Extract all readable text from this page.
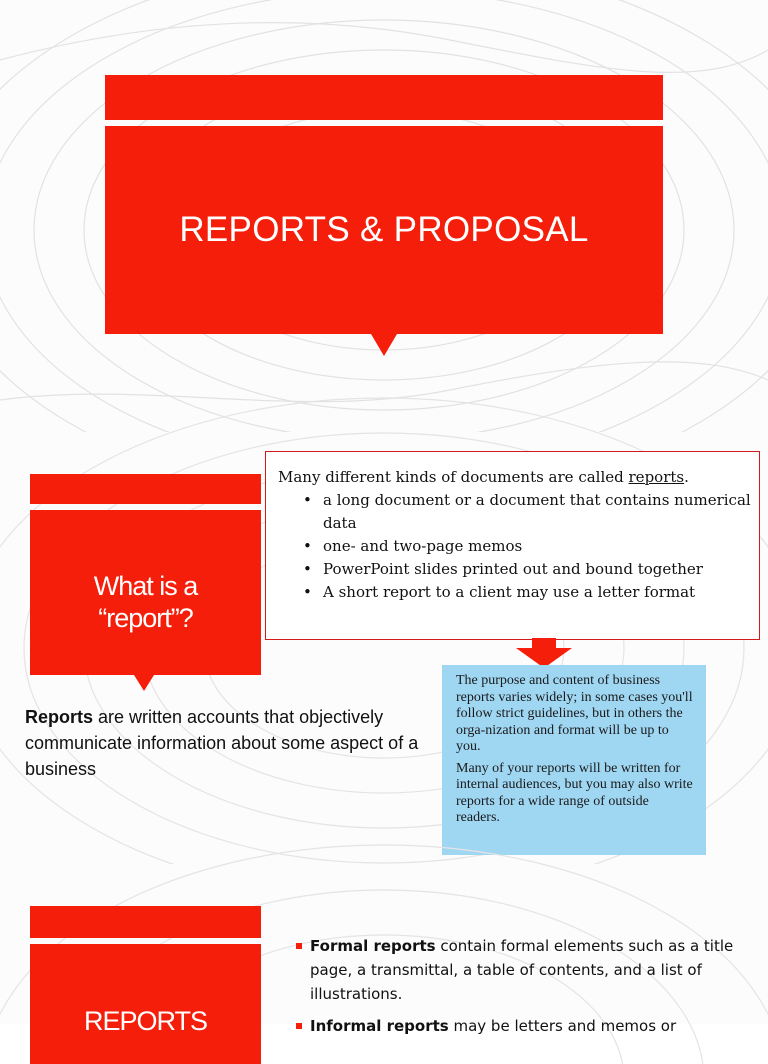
REPORTS & PROPOSAL
What is a
“report”?

Many different kinds of documents are called reports.

• a long document or a document that contains numerical data
• one- and two-page memos
• PowerPoint slides printed out and bound together
• A short report to a client may use a letter format

The purpose and content of business reports varies widely; in some cases you'll follow strict guidelines, but in others the orga-nization and format will be up to you.

Many of your reports will be written for internal audiences, but you may also write reports for a wide range of outside readers.

Reports are written accounts that objectively communicate information about some aspect of a business
REPORTS
Formal reports contain formal elements such as a title page, a transmittal, a table of contents, and a list of illustrations.
Informal reports may be letters and memos or
